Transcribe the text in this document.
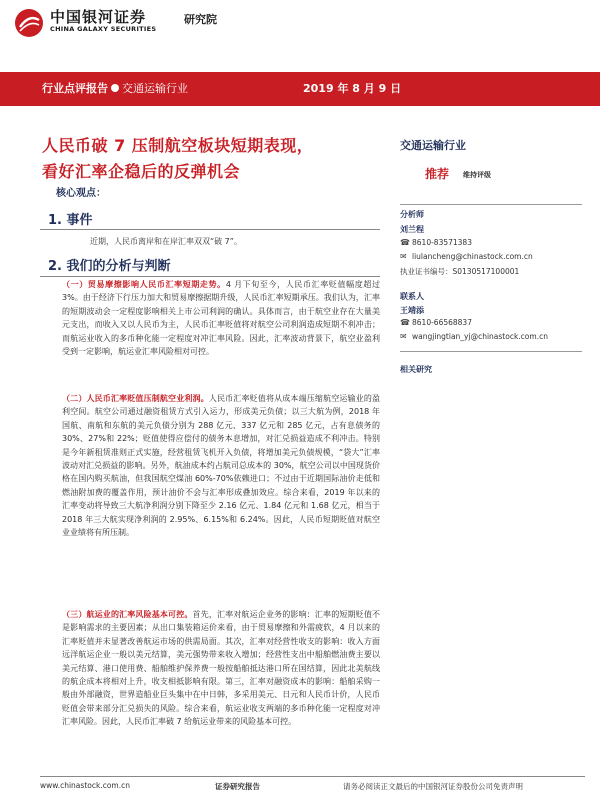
中国银河证券
CHINA GALAXY SECURITIES
研究院
行业点评报告 交通运输行业	2019 年 8 月 9 日
人民币破 7 压制航空板块短期表现，
看好汇率企稳后的反弹机会
核心观点：
1. 事件
近期，人民币离岸和在岸汇率双双“破 7”。
2. 我们的分析与判断
（一）贸易摩擦影响人民币汇率短期走势。4 月下旬至今，人民币汇率贬值幅度超过 3%。由于经济下行压力加大和贸易摩擦据期升级，人民币汇率短期承压。我们认为，汇率的短期波动会一定程度影响相关上市公司利润的确认。具体而言，由于航空业存在大量美元支出，而收入又以人民币为主，人民币汇率贬值将对航空公司利润造成短期不利冲击；而航运业收入的多币种化能一定程度对冲汇率风险。因此，汇率波动背景下，航空业盈利受到一定影响，航运业汇率风险相对可控。
（二）人民币汇率贬值压制航空业利润。人民币汇率贬值将从成本端压缩航空运输业的盈利空间。航空公司通过融资租赁方式引入运力，形成美元负债；以三大航为例，2018 年国航、南航和东航的美元负债分别为 288 亿元、337 亿元和 285 亿元，占有息债务的 30%、27%和 22%；贬值使得应偿付的债务本息增加，对汇兑损益造成不利冲击。特别是今年新租赁准则正式实施，经营租赁飞机开入负债，将增加美元负债规模，“袋大”汇率波动对汇兑损益的影响。另外，航油成本约占航司总成本的 30%，航空公司以中国现货价格在国内购买航油，但我国航空煤油 60%-70%依赖进口；不过由于近期国际油价走低和燃油附加费的覆盖作用，预计油价不会与汇率形成叠加效应。综合来看，2019 年以来的汇率变动将导致三大航净利润分别下降至少 2.16 亿元、1.84 亿元和 1.68 亿元，相当于 2018 年三大航实现净利润的 2.95%、6.15%和 6.24%。因此，人民币短期贬值对航空业业绩将有所压制。
（三）航运业的汇率风险基本可控。首先，汇率对航运企业务的影响：汇率的短期贬值不是影响需求的主要因素；从出口集装箱运价来看，由于贸易摩擦和外需疲软，4 月以来的汇率贬值并未显著改善航运市场的供需局面。其次，汇率对经营性收支的影响：收入方面远洋航运企业一般以美元结算，美元强势带来收入增加；经营性支出中船舶燃油费主要以美元结算、港口使用费、船舶维护保养费一般按船舶抵达港口所在国结算，因此北美航线的航企成本将相对上升，收支相抵影响有限。第三，汇率对融资成本的影响：船舶采购一般由外部融资，世界造船业巨头集中在中日韩，多采用美元、日元和人民币计价，人民币贬值会带来部分汇兑损失的风险。综合来看，航运业收支两端的多币种化能一定程度对冲汇率风险。因此，人民币汇率破 7 给航运业带来的风险基本可控。
交通运输行业
推荐 维持评级
分析师
刘兰程
☎ 8610-83571383
✉ liulancheng@chinastock.com.cn
执业证书编号：S0130517100001
联系人
王靖添
☎ 8610-66568837
✉ wangjingtian_yj@chinastock.com.cn
相关研究
www.chinastock.com.cn	证券研究报告	请务必阅读正文最后的中国银河证券股份公司免责声明
